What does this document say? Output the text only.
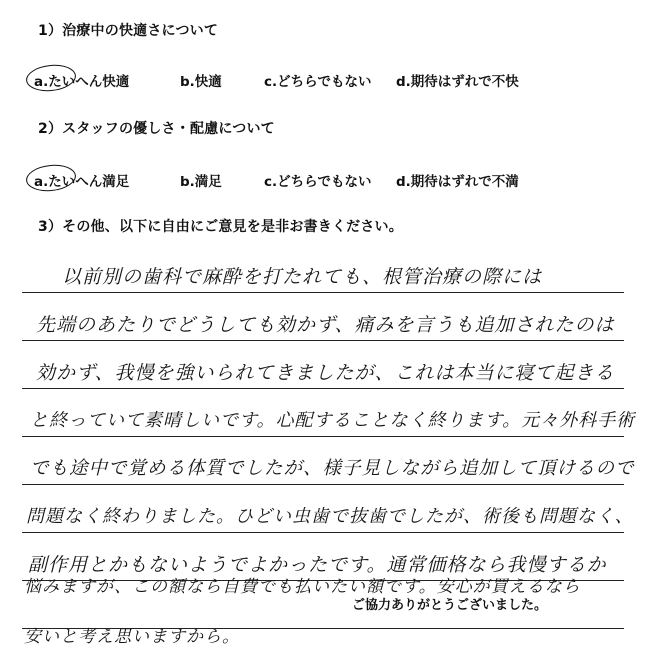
1）治療中の快適さについて
a.たいへん快適	b.快適	c.どちらでもない d.期待はずれで不快
2）スタッフの優しさ・配慮について
a.たいへん満足	b.満足	c.どちらでもない d.期待はずれで不満
3）その他、以下に自由にご意見を是非お書きください。
以前別の歯科で麻酔を打たれても、根管治療の際には
先端のあたりでどうしても効かず、痛みを言うも追加されたのは
効かず、我慢を強いられてきましたが、これは本当に寝て起きる
と終っていて素晴しいです。心配することなく終ります。元々外科手術
でも途中で覚める体質でしたが、様子見しながら追加して頂けるので
問題なく終わりました。ひどい虫歯で抜歯でしたが、術後も問題なく、
副作用とかもないようでよかったです。通常価格なら我慢するか
悩みますが、この額なら自費でも払いたい額です。安心が買えるなら
安いと考え思いますから。
ご協力ありがとうございました。
